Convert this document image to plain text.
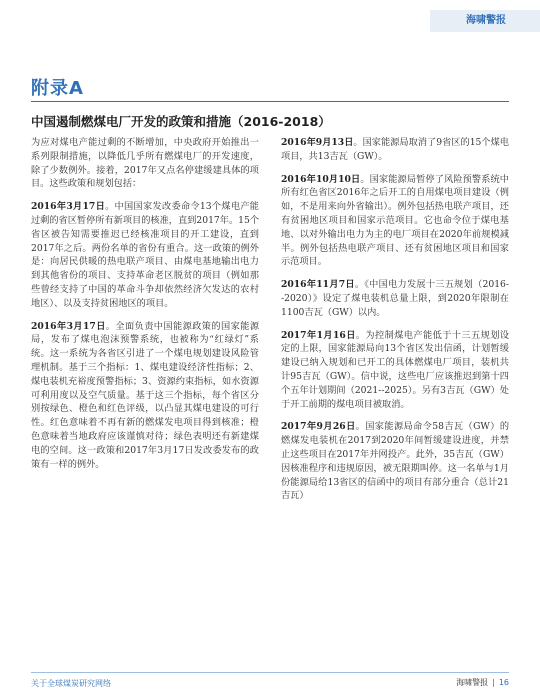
海啸警报
附录A
中国遏制燃煤电厂开发的政策和措施（2016-2018）

为应对煤电产能过剩的不断增加，中央政府开始推出一系列限制措施，以降低几乎所有燃煤电厂的开发速度，除了少数例外。接着，2017年又点名停建缓建具体的项目。这些政策和规划包括：

2016年3月17日。中国国家发改委命令13个煤电产能过剩的省区暂停所有新项目的核准，直到2017年。15个省区被告知需要推迟已经核准项目的开工建设，直到2017年之后。两份名单的省份有重合。这一政策的例外是：向居民供暖的热电联产项目、由煤电基地输出电力到其他省份的项目、支持革命老区脱贫的项目（例如那些曾经支持了中国的革命斗争却依然经济欠发达的农村地区）、以及支持贫困地区的项目。

2016年3月17日。全面负责中国能源政策的国家能源局，发布了煤电泡沫预警系统，也被称为“红绿灯”系统。这一系统为各省区引进了一个煤电规划建设风险管理机制。基于三个指标：1、煤电建设经济性指标；2、煤电装机充裕度预警指标；3、资源约束指标，如水资源可利用度以及空气质量。基于这三个指标，每个省区分别按绿色、橙色和红色评级，以凸显其煤电建设的可行性。红色意味着不再有新的燃煤发电项目得到核准；橙色意味着当地政府应该谨慎对待；绿色表明还有新建煤电的空间。这一政策和2017年3月17日发改委发布的政策有一样的例外。

2016年9月13日。国家能源局取消了9省区的15个煤电项目，共13吉瓦（GW）。

2016年10月10日。国家能源局暂停了风险预警系统中所有红色省区2016年之后开工的自用煤电项目建设（例如，不是用来向外省输出）。例外包括热电联产项目，还有贫困地区项目和国家示范项目。它也命令位于煤电基地、以对外输出电力为主的电厂项目在2020年前规模减半。例外包括热电联产项目、还有贫困地区项目和国家示范项目。

2016年11月7日。《中国电力发展十三五规划（2016--2020）》设定了煤电装机总量上限，到2020年限制在1100吉瓦（GW）以内。

2017年1月16日。为控制煤电产能低于十三五规划设定的上限，国家能源局向13个省区发出信函，计划暂缓建设已纳入规划和已开工的具体燃煤电厂项目，装机共计95吉瓦（GW）。信中说，这些电厂应该推迟到第十四个五年计划期间（2021--2025）。另有3吉瓦（GW）处于开工前期的煤电项目被取消。

2017年9月26日。国家能源局命令58吉瓦（GW）的燃煤发电装机在2017到2020年间暂缓建设进度，并禁止这些项目在2017年并网投产。此外，35吉瓦（GW）因核准程序和违规原因，被无限期叫停。这一名单与1月份能源局给13省区的信函中的项目有部分重合（总计21吉瓦）

关于全球煤炭研究网络	海啸警报 | 16
